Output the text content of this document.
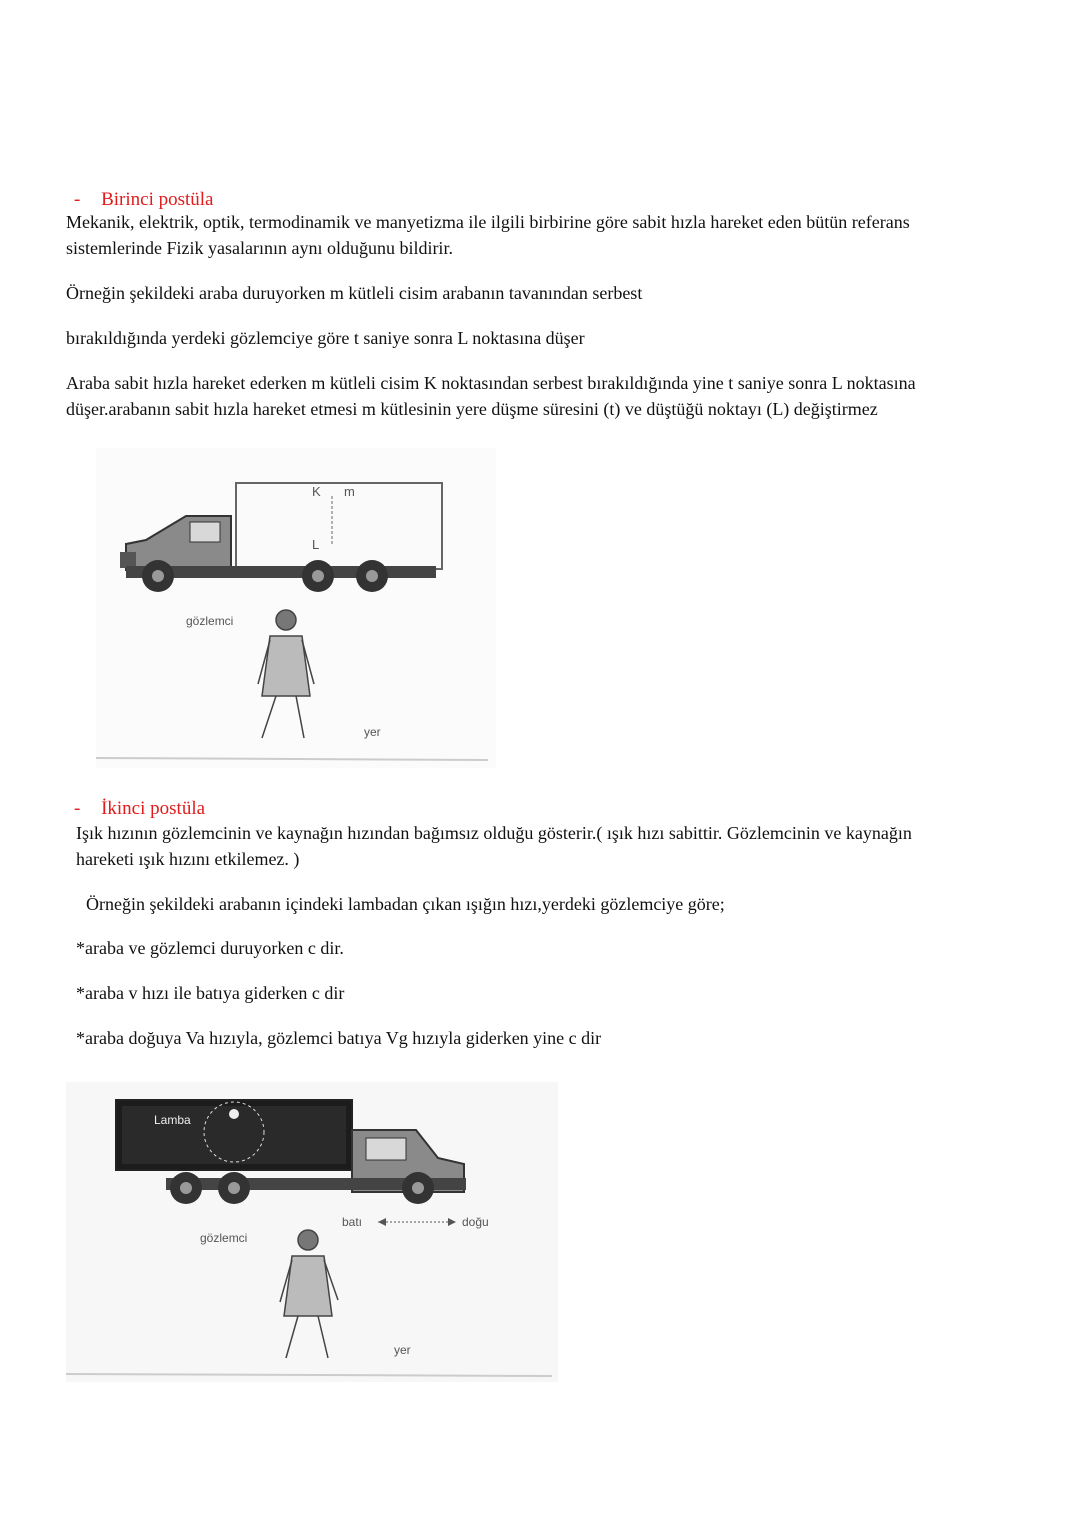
- Birinci postüla
Mekanik, elektrik, optik, termodinamik ve manyetizma ile ilgili birbirine göre sabit hızla hareket eden bütün referans
sistemlerinde Fizik yasalarının aynı olduğunu bildirir.
Örneğin şekildeki araba duruyorken m kütleli cisim arabanın tavanından serbest
bırakıldığında yerdeki gözlemciye göre t saniye sonra L noktasına düşer
Araba sabit hızla hareket ederken m kütleli cisim K noktasından serbest bırakıldığında yine t saniye sonra L noktasına
düşer.arabanın sabit hızla hareket etmesi m kütlesinin yere düşme süresini (t) ve düştüğü noktayı (L) değiştirmez
K m
L
gözlemci
yer
- İkinci postüla
Işık hızının gözlemcinin ve kaynağın hızından bağımsız olduğu gösterir.( ışık hızı sabittir. Gözlemcinin ve kaynağın
hareketi ışık hızını etkilemez. )
Örneğin şekildeki arabanın içindeki lambadan çıkan ışığın hızı,yerdeki gözlemciye göre;
*araba ve gözlemci duruyorken c dir.
*araba v hızı ile batıya giderken c dir
*araba doğuya Va hızıyla, gözlemci batıya Vg hızıyla giderken yine c dir
Lamba
batı	doğu
gözlemci
yer
